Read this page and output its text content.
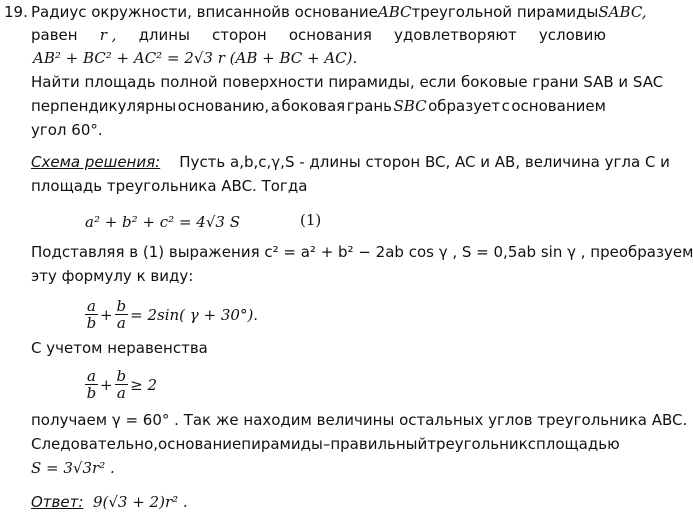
19. Радиус окружности, вписанной в основание ABC треугольной пирамиды SABC,
равен r , длины сторон основания удовлетворяют условию
AB² + BC² + AC² = 2√3 r (AB + BC + AC).
Найти площадь полной поверхности пирамиды, если боковые грани SAB и SAC
перпендикулярны основанию, а боковая грань SBC образует с основанием
угол 60°.
Схема решения: Пусть a,b,c,γ,S - длины сторон BC, AC и AB, величина угла C и
площадь треугольника ABC. Тогда
a² + b² + c² = 4√3 S	(1)
Подставляя в (1) выражения c² = a² + b² − 2ab cos γ , S = 0,5ab sin γ , преобразуем
эту формулу к виду:
$\frac{a}{b} + \frac{b}{a} = 2\sin$( γ + 30°).
С учетом неравенства
$\frac{a}{b} + \frac{b}{a} \ge 2$
получаем γ = 60° . Так же находим величины остальных углов треугольника ABC.
Следовательно, основание пирамиды – правильный треугольник с площадью
S = 3√3r² .
Ответ: 9(√3 + 2)r² .
